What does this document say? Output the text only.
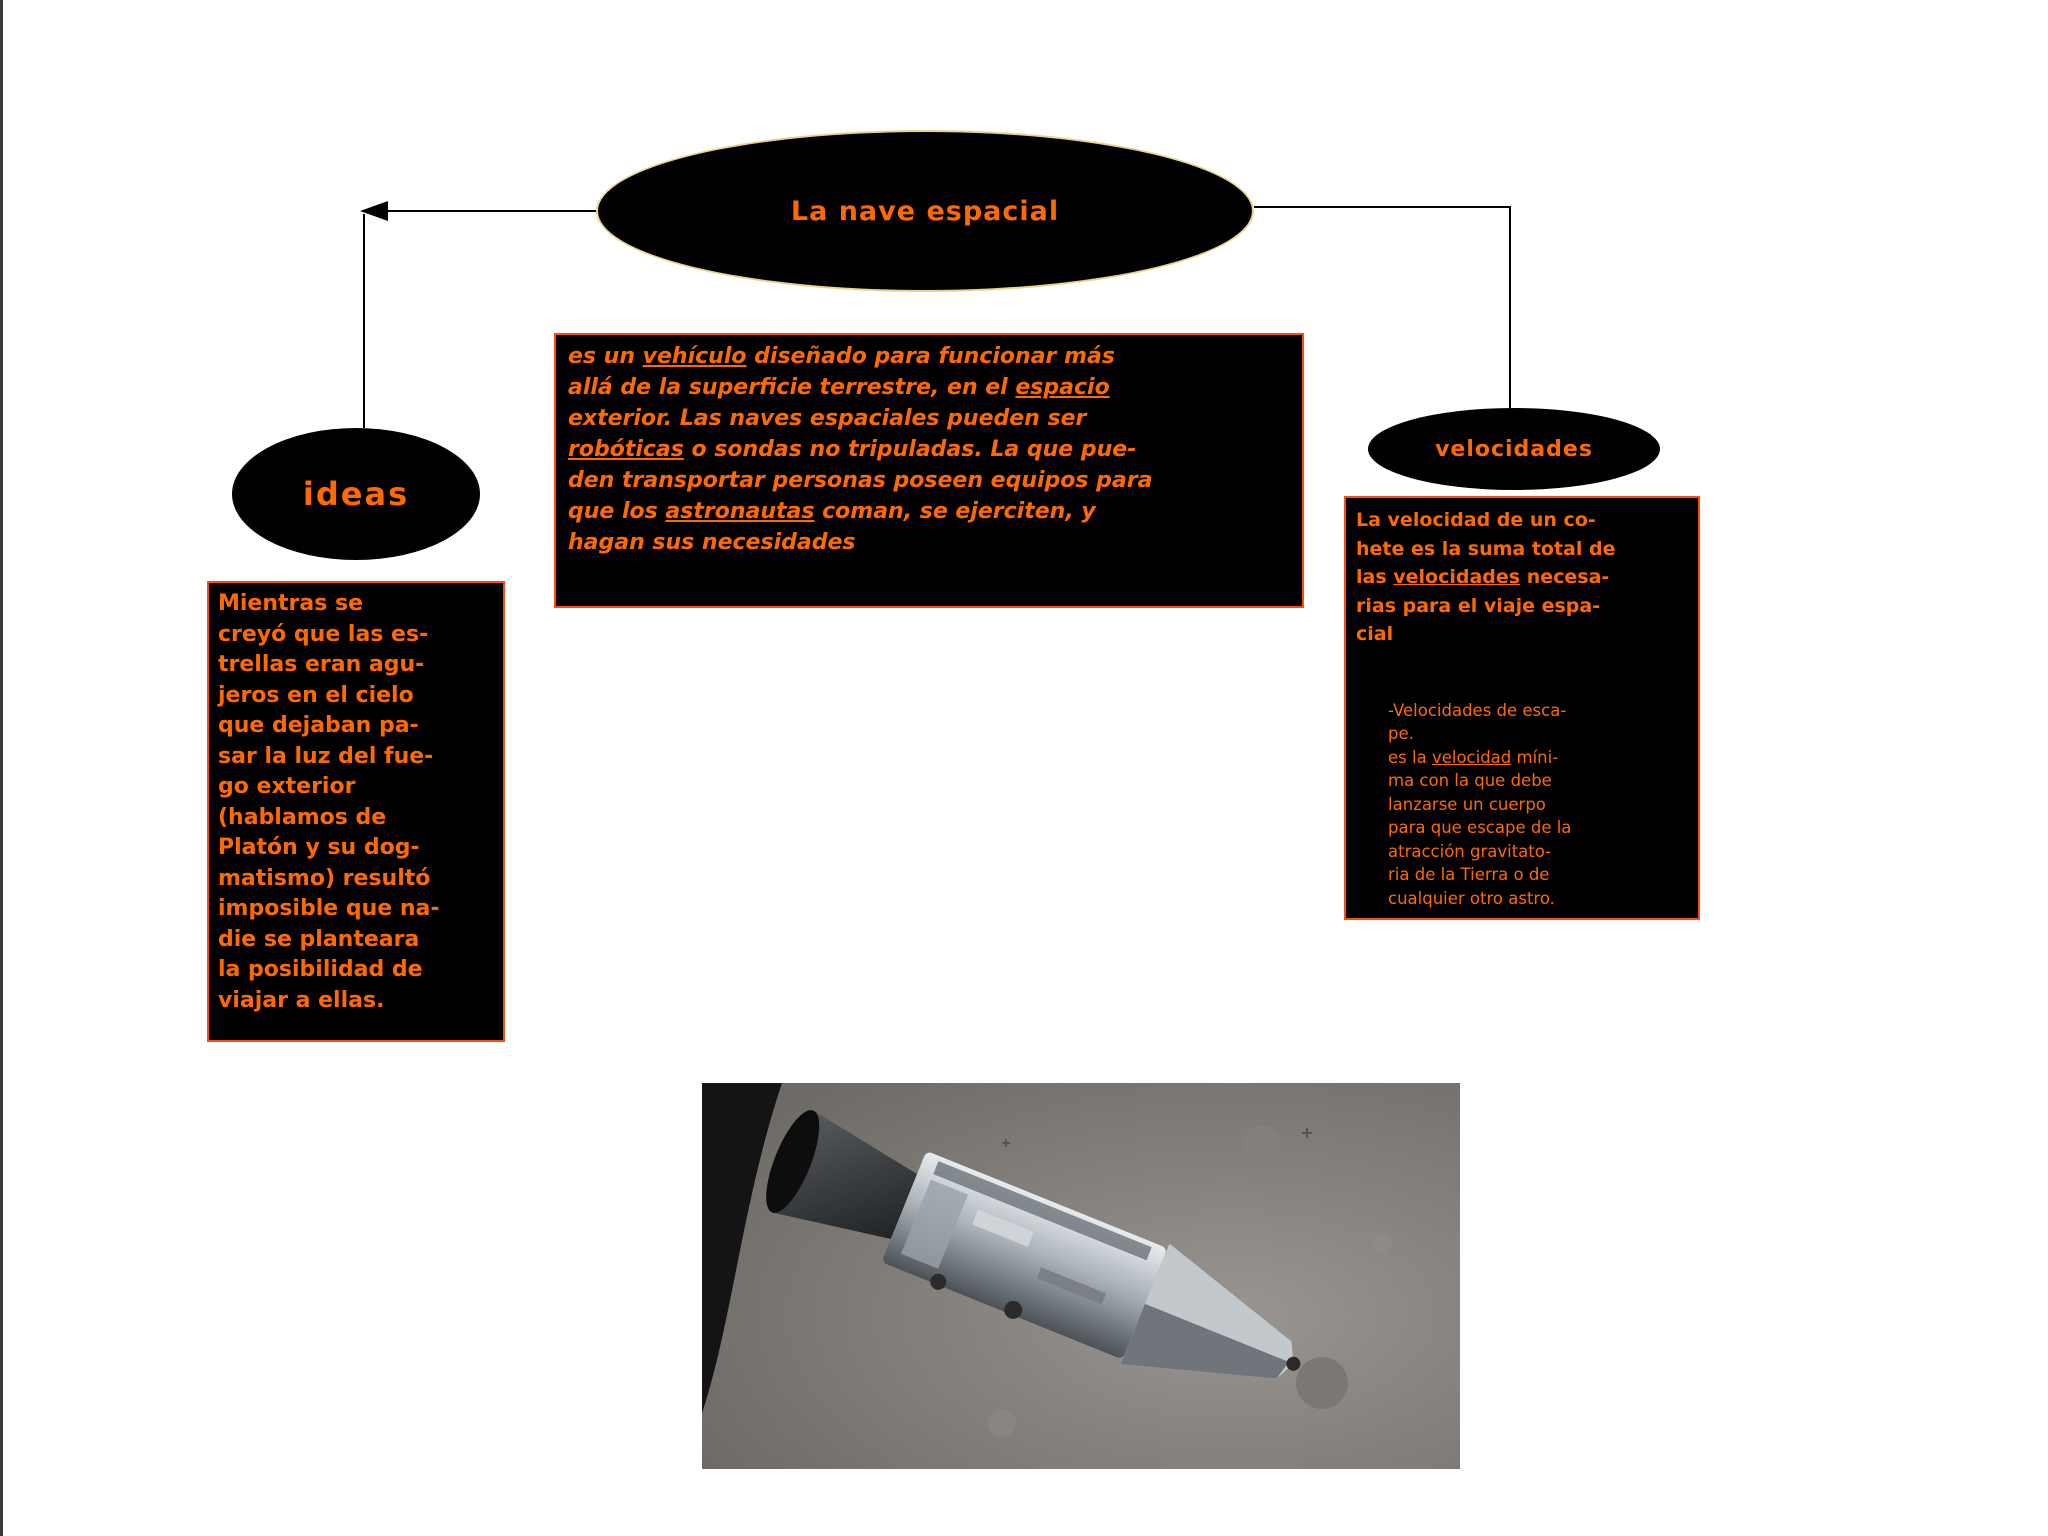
La nave espacial
ideas
velocidades
es un vehículo diseñado para funcionar más
allá de la superficie terrestre, en el espacio
exterior. Las naves espaciales pueden ser
robóticas o sondas no tripuladas. La que pue-
den transportar personas poseen equipos para
que los astronautas coman, se ejerciten, y
hagan sus necesidades
Mientras se
creyó que las es-
trellas eran agu-
jeros en el cielo
que dejaban pa-
sar la luz del fue-
go exterior
(hablamos de
Platón y su dog-
matismo) resultó
imposible que na-
die se planteara
la posibilidad de
viajar a ellas.
La velocidad de un co-
hete es la suma total de
las velocidades necesa-
rias para el viaje espa-
cial
-Velocidades de esca-
pe.
es la velocidad míni-
ma con la que debe
lanzarse un cuerpo
para que escape de la
atracción gravitato-
ria de la Tierra o de
cualquier otro astro.
